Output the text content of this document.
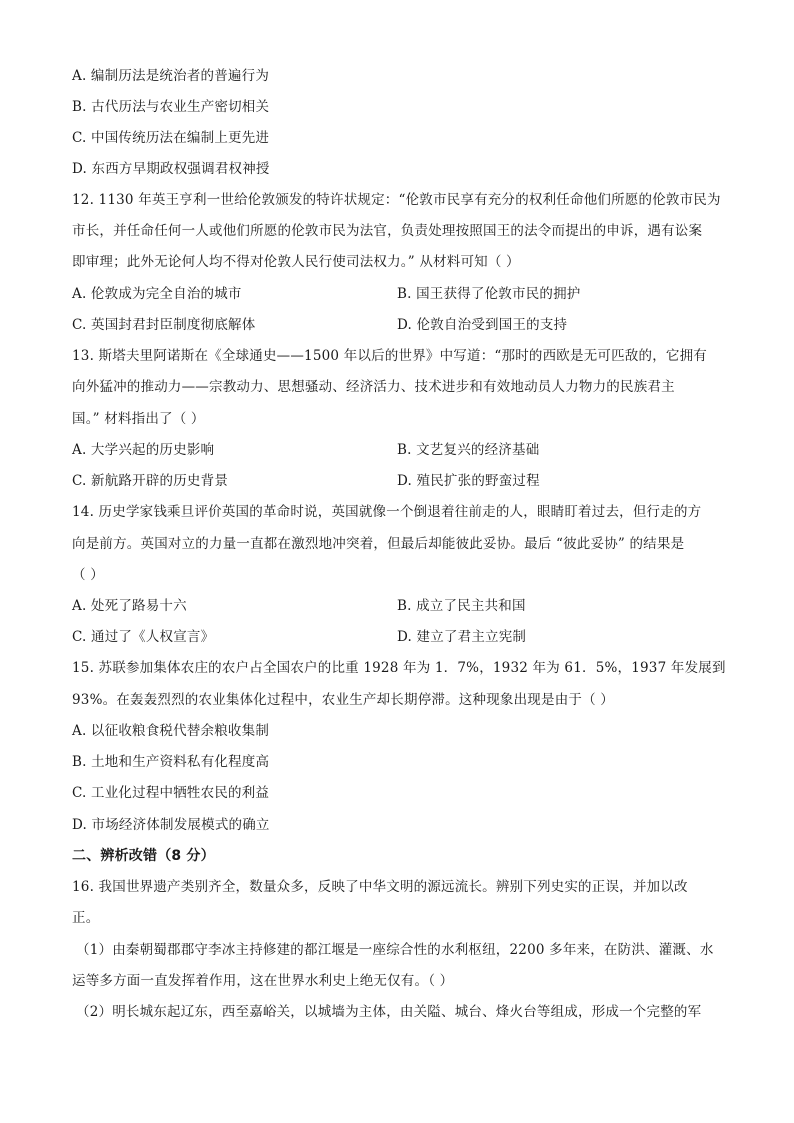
A. 编制历法是统治者的普遍行为
B. 古代历法与农业生产密切相关
C. 中国传统历法在编制上更先进
D. 东西方早期政权强调君权神授
12. 1130 年英王亨利一世给伦敦颁发的特许状规定：“伦敦市民享有充分的权利任命他们所愿的伦敦市民为
市长，并任命任何一人或他们所愿的伦敦市民为法官，负责处理按照国王的法令而提出的申诉，遇有讼案
即审理；此外无论何人均不得对伦敦人民行使司法权力。” 从材料可知（ ）
A. 伦敦成为完全自治的城市	B. 国王获得了伦敦市民的拥护
C. 英国封君封臣制度彻底解体	D. 伦敦自治受到国王的支持
13. 斯塔夫里阿诺斯在《全球通史——1500 年以后的世界》中写道：“那时的西欧是无可匹敌的，它拥有
向外猛冲的推动力——宗教动力、思想骚动、经济活力、技术进步和有效地动员人力物力的民族君主
国。” 材料指出了（ ）
A. 大学兴起的历史影响	B. 文艺复兴的经济基础
C. 新航路开辟的历史背景	D. 殖民扩张的野蛮过程
14. 历史学家钱乘旦评价英国的革命时说，英国就像一个倒退着往前走的人，眼睛盯着过去，但行走的方
向是前方。英国对立的力量一直都在激烈地冲突着，但最后却能彼此妥协。最后 “彼此妥协” 的结果是
（ ）
A. 处死了路易十六	B. 成立了民主共和国
C. 通过了《人权宣言》	D. 建立了君主立宪制
15. 苏联参加集体农庄的农户占全国农户的比重 1928 年为 1．7%，1932 年为 61．5%，1937 年发展到
93%。在轰轰烈烈的农业集体化过程中，农业生产却长期停滞。这种现象出现是由于（ ）
A. 以征收粮食税代替余粮收集制
B. 土地和生产资料私有化程度高
C. 工业化过程中牺牲农民的利益
D. 市场经济体制发展模式的确立
二、辨析改错（8 分）
16. 我国世界遗产类别齐全，数量众多，反映了中华文明的源远流长。辨别下列史实的正误，并加以改
正。
（1）由秦朝蜀郡郡守李冰主持修建的都江堰是一座综合性的水利枢纽，2200 多年来，在防洪、灌溉、水
运等多方面一直发挥着作用，这在世界水利史上绝无仅有。（ ）
（2）明长城东起辽东，西至嘉峪关，以城墙为主体，由关隘、城台、烽火台等组成，形成一个完整的军
